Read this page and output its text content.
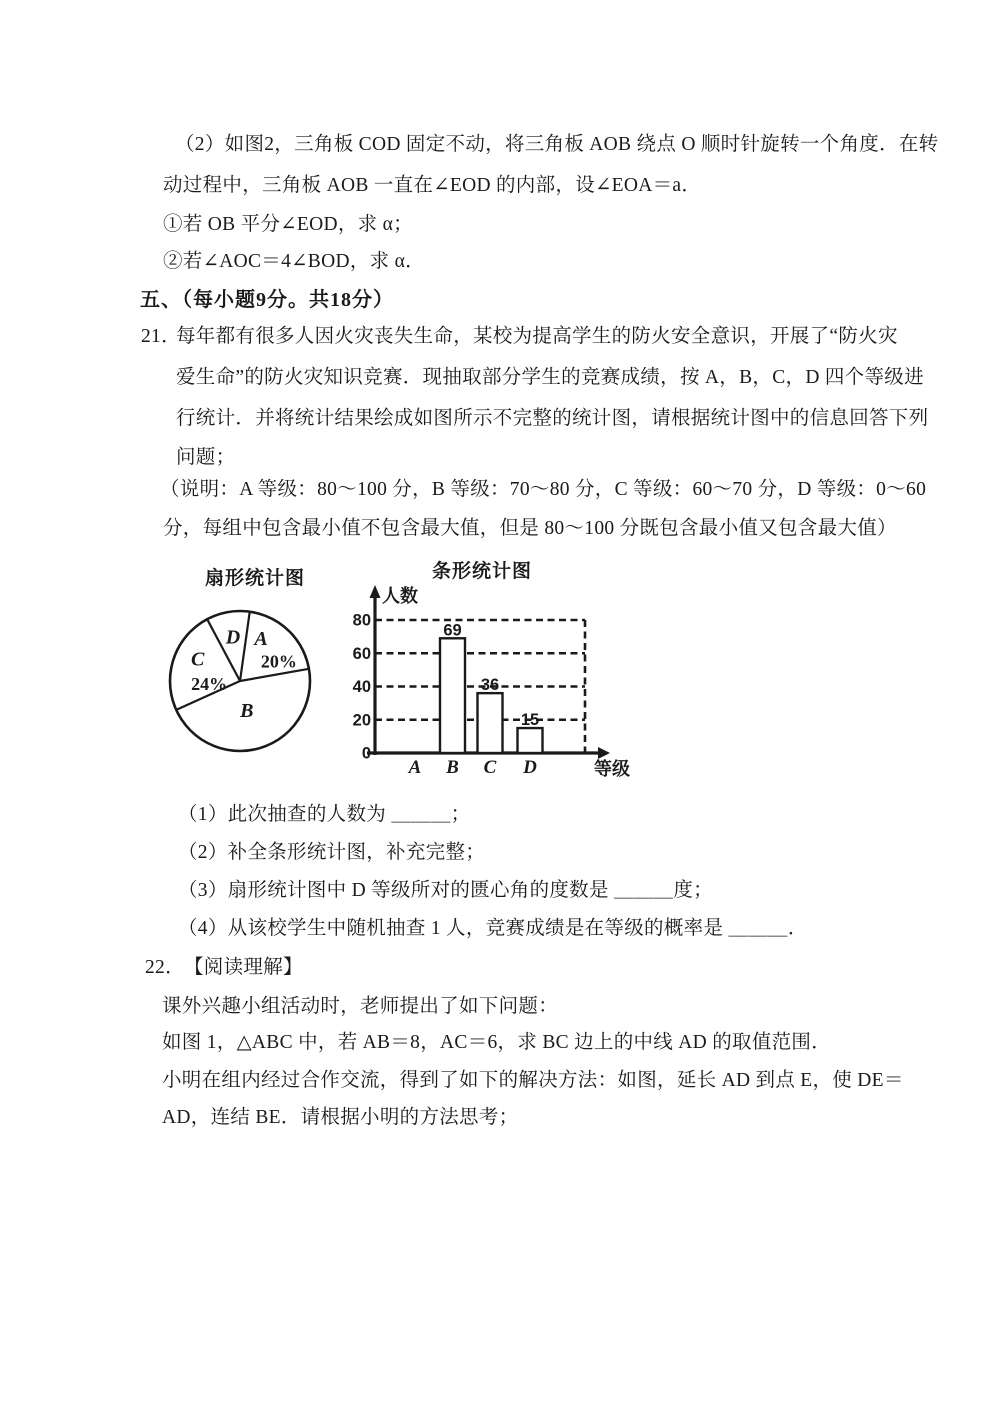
（2）如图2，三角板 COD 固定不动，将三角板 AOB 绕点 O 顺时针旋转一个角度．在转
动过程中，三角板 AOB 一直在∠EOD 的内部，设∠EOA＝a．
①若 OB 平分∠EOD，求 α；
②若∠AOC＝4∠BOD，求 α．
五、（每小题9分。共18分）
21．
每年都有很多人因火灾丧失生命，某校为提高学生的防火安全意识，开展了“防火灾
爱生命”的防火灾知识竞赛．现抽取部分学生的竞赛成绩，按 A，B，C，D 四个等级进
行统计．并将统计结果绘成如图所示不完整的统计图，请根据统计图中的信息回答下列
问题；
（说明：A 等级：80～100 分，B 等级：70～80 分，C 等级：60～70 分，D 等级：0～60
分，每组中包含最小值不包含最大值，但是 80～100 分既包含最小值又包含最大值）
扇形统计图
A
20%
D
C
24%
B
条形统计图
0
20
40
60
80
69
36
15
A B C D
人数
等级
（1）此次抽查的人数为 ＿＿＿；
（2）补全条形统计图，补充完整；
（3）扇形统计图中 D 等级所对的匮心角的度数是 ＿＿＿度；
（4）从该校学生中随机抽查 1 人，竞赛成绩是在等级的概率是 ＿＿＿．
22． 【阅读理解】
课外兴趣小组活动时，老师提出了如下问题：
如图 1，△ABC 中，若 AB＝8，AC＝6，求 BC 边上的中线 AD 的取值范围．
小明在组内经过合作交流，得到了如下的解决方法：如图，延长 AD 到点 E，使 DE＝
AD，连结 BE．请根据小明的方法思考；
